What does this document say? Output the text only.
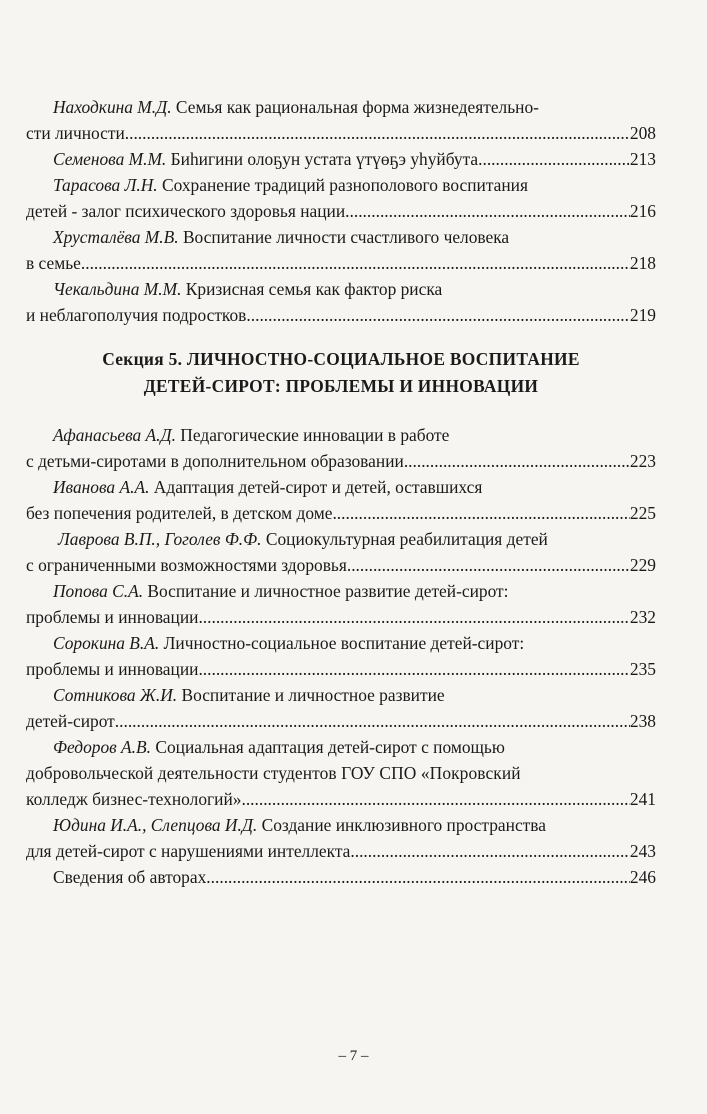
Находкина М.Д. Семья как рациональная форма жизнедеятельно-
сти личности .....	208
Семенова М.М. Биһигини олоҕун устата үтүөҕэ уһуйбута .....	213
Тарасова Л.Н. Сохранение традиций разнополового воспитания
детей - залог психического здоровья нации .....	216
Хрусталёва М.В. Воспитание личности счастливого человека
в семье .....	218
Чекальдина М.М. Кризисная семья как фактор риска
и неблагополучия подростков .....	219
Секция 5. ЛИЧНОСТНО-СОЦИАЛЬНОЕ ВОСПИТАНИЕ
ДЕТЕЙ-СИРОТ: ПРОБЛЕМЫ И ИННОВАЦИИ
Афанасьева А.Д. Педагогические инновации в работе
с детьми-сиротами в дополнительном образовании .....	223
Иванова А.А. Адаптация детей-сирот и детей, оставшихся
без попечения родителей, в детском доме .....	225
Лаврова В.П., Гоголев Ф.Ф. Социокультурная реабилитация детей
с ограниченными возможностями здоровья .....	229
Попова С.А. Воспитание и личностное развитие детей-сирот:
проблемы и инновации .....	232
Сорокина В.А. Личностно-социальное воспитание детей-сирот:
проблемы и инновации .....	235
Сотникова Ж.И. Воспитание и личностное развитие
детей-сирот .....	238
Федоров А.В. Социальная адаптация детей-сирот с помощью
добровольческой деятельности студентов ГОУ СПО «Покровский
колледж бизнес-технологий» .....	241
Юдина И.А., Слепцова И.Д. Создание инклюзивного пространства
для детей-сирот с нарушениями интеллекта .....	243
Сведения об авторах .....	246
– 7 –
